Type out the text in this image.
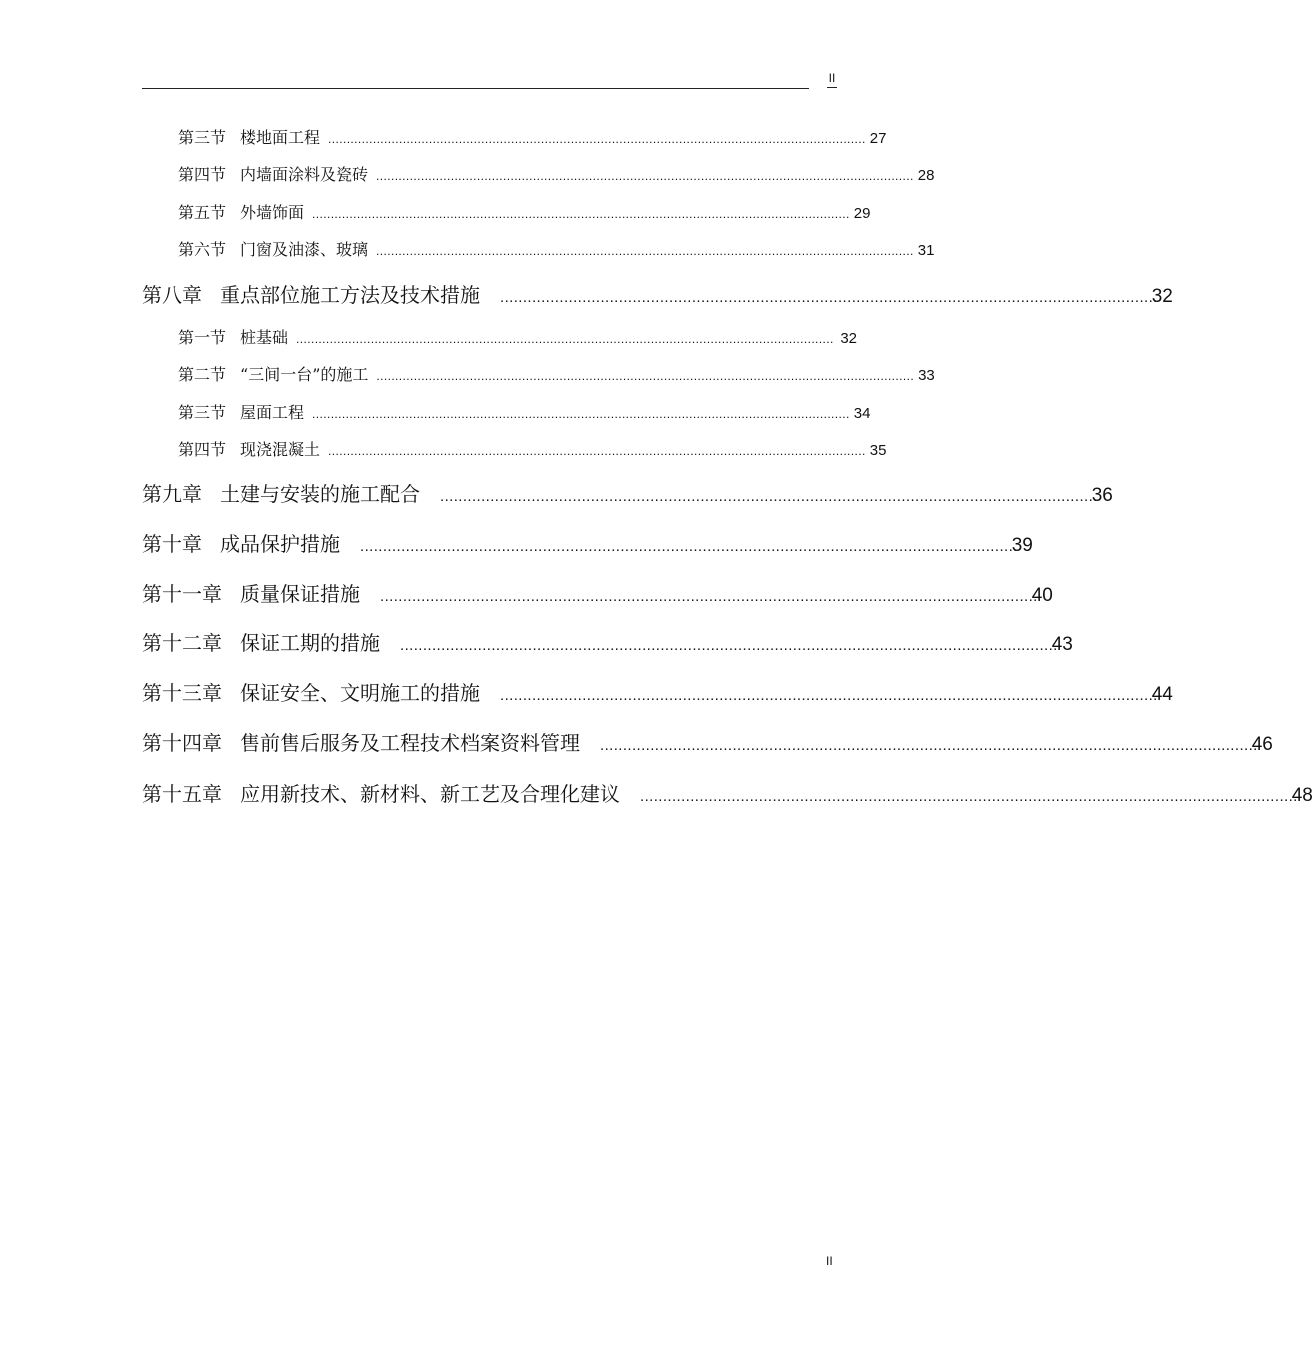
II
第三节 楼地面工程 ................................................................................................................................................ 27
第四节 内墙面涂料及瓷砖 ................................................................................................................................................ 28
第五节 外墙饰面 ................................................................................................................................................ 29
第六节 门窗及油漆、玻璃 ................................................................................................................................................ 31
第八章 重点部位施工方法及技术措施 ................................................................................................................................................
32
第一节 桩基础 ................................................................................................................................................ 32
第二节 “三间一台”的施工 ................................................................................................................................................ 33
第三节 屋面工程 ................................................................................................................................................ 34
第四节 现浇混凝土 ................................................................................................................................................ 35
第九章 土建与安装的施工配合 ................................................................................................................................................
36
第十章 成品保护措施 ................................................................................................................................................
39
第十一章 质量保证措施 ................................................................................................................................................
40
第十二章 保证工期的措施 ................................................................................................................................................
43
第十三章 保证安全、文明施工的措施 ................................................................................................................................................
44
第十四章 售前售后服务及工程技术档案资料管理 ................................................................................................................................................
46
第十五章 应用新技术、新材料、新工艺及合理化建议 ................................................................................................................................................
48
II
